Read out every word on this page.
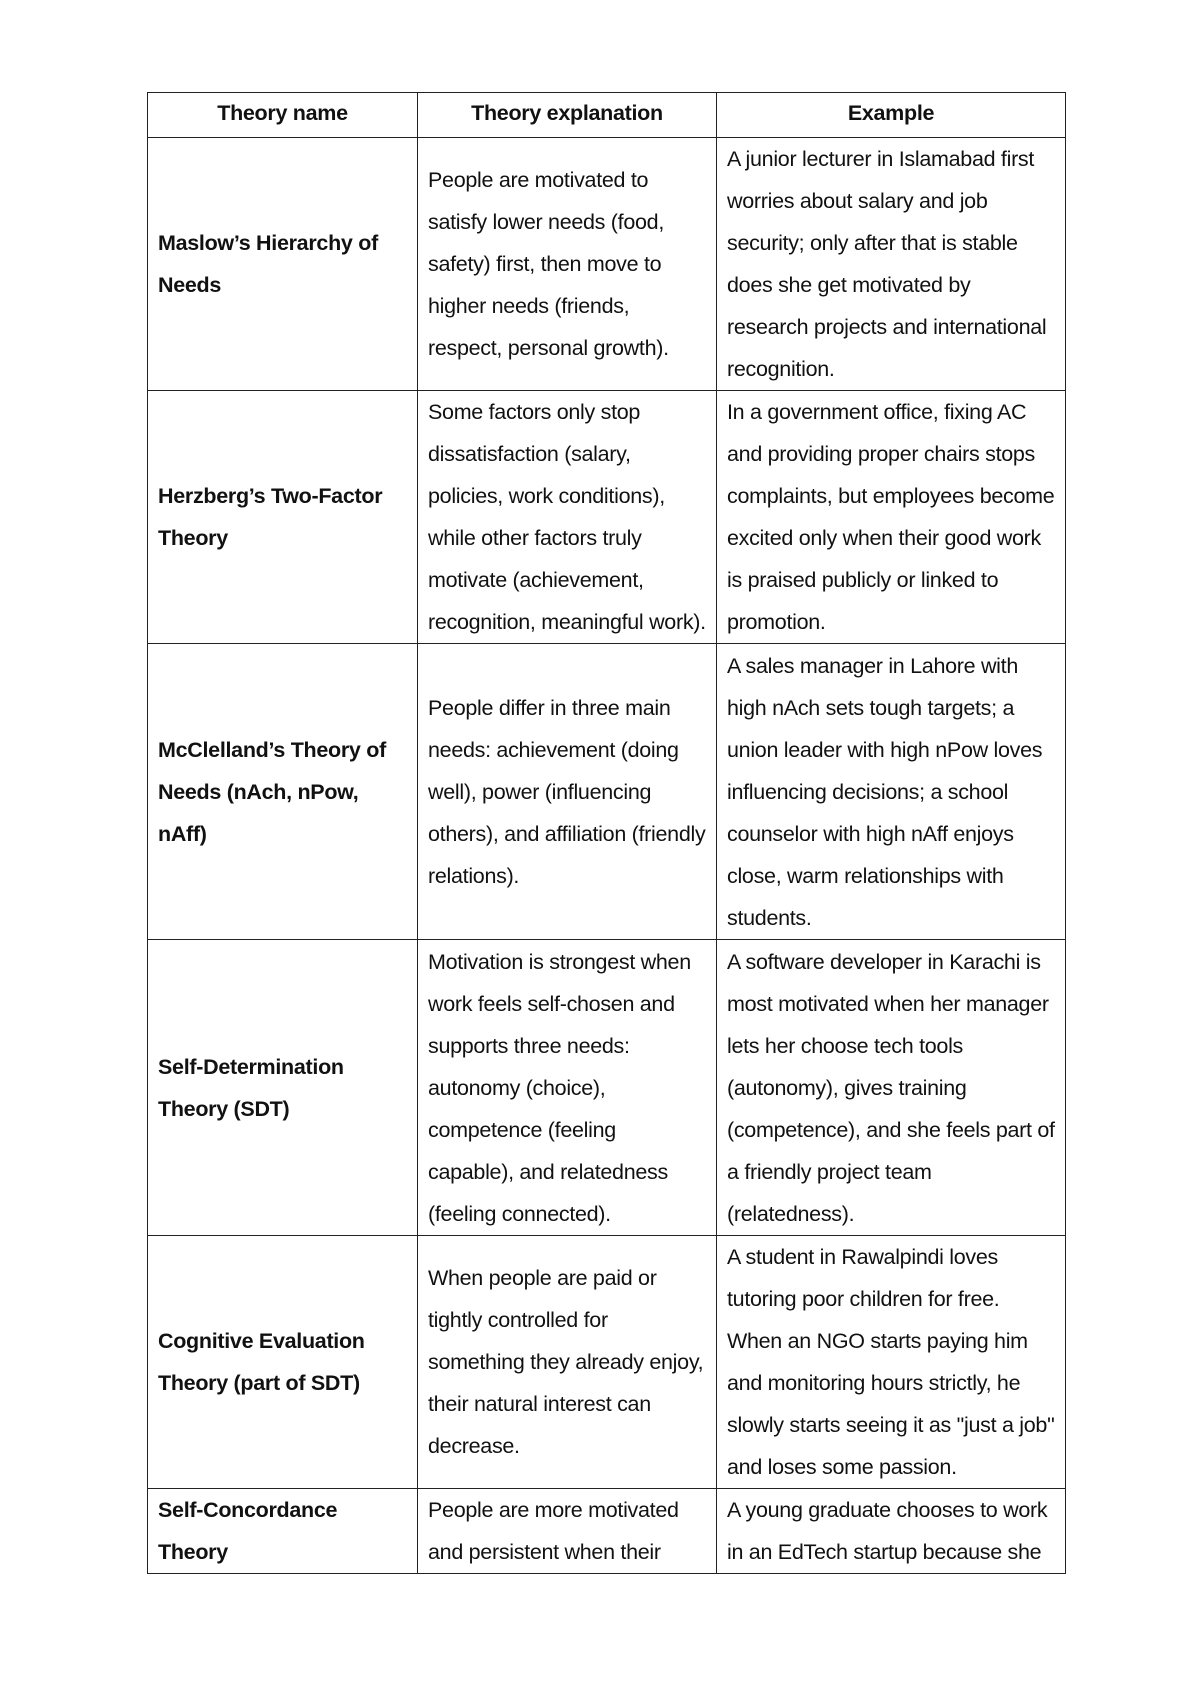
Theory name	Theory explanation	Example
Maslow’s Hierarchy of Needs	People are motivated to satisfy lower needs (food, safety) first, then move to higher needs (friends, respect, personal growth).	A junior lecturer in Islamabad first worries about salary and job security; only after that is stable does she get motivated by research projects and international recognition.
Herzberg’s Two-Factor Theory	Some factors only stop dissatisfaction (salary, policies, work conditions), while other factors truly motivate (achievement, recognition, meaningful work).	In a government office, fixing AC and providing proper chairs stops complaints, but employees become excited only when their good work is praised publicly or linked to promotion.
McClelland’s Theory of Needs (nAch, nPow, nAff)	People differ in three main needs: achievement (doing well), power (influencing others), and affiliation (friendly relations).	A sales manager in Lahore with high nAch sets tough targets; a union leader with high nPow loves influencing decisions; a school counselor with high nAff enjoys close, warm relationships with students.
Self-Determination Theory (SDT)	Motivation is strongest when work feels self-chosen and supports three needs: autonomy (choice), competence (feeling capable), and relatedness (feeling connected).	A software developer in Karachi is most motivated when her manager lets her choose tech tools (autonomy), gives training (competence), and she feels part of a friendly project team (relatedness).
Cognitive Evaluation Theory (part of SDT)	When people are paid or tightly controlled for something they already enjoy, their natural interest can decrease.	A student in Rawalpindi loves tutoring poor children for free. When an NGO starts paying him and monitoring hours strictly, he slowly starts seeing it as "just a job" and loses some passion.
Self-Concordance Theory	People are more motivated and persistent when their	A young graduate chooses to work in an EdTech startup because she
